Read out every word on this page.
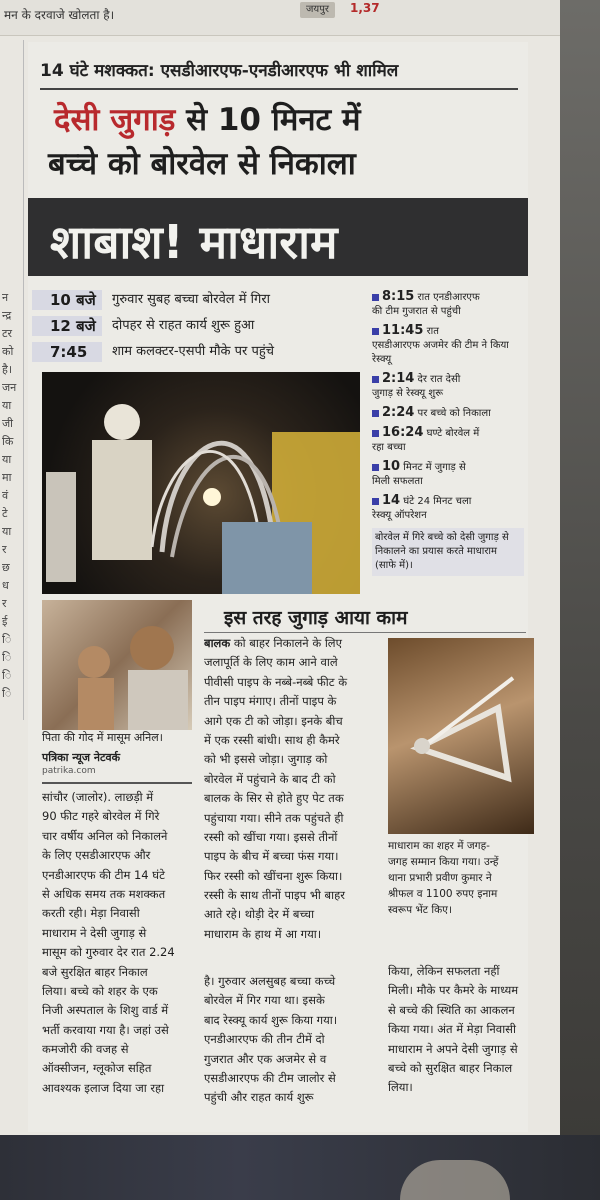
मन के दरवाजे खोलता है।	जयपुर	1,37
न
न्द्र
टर
को
है।
जन
या
जी
कि
या
मा
वं
टे
या
र
छ
ध
र
ई
ि
ि
ि
ि
14 घंटे मशक्कत: एसडीआरएफ-एनडीआरएफ भी शामिल
देसी जुगाड़ से 10 मिनट में
बच्चे को बोरवेल से निकाला
शाबाश! माधाराम
10 बजे	गुरुवार सुबह बच्चा बोरवेल में गिरा
12 बजे	दोपहर से राहत कार्य शुरू हुआ
7:45	शाम कलक्टर-एसपी मौके पर पहुंचे
8:15 रात एनडीआरएफ
की टीम गुजरात से पहुंची
11:45 रात
एसडीआरएफ अजमेर की टीम ने किया रेस्क्यू
2:14 देर रात देसी
जुगाड़ से रेस्क्यू शुरू
2:24 पर बच्चे को निकाला
16:24 घण्टे बोरवेल में
रहा बच्चा
10 मिनट में जुगाड़ से
मिली सफलता
14 घंटे 24 मिनट चला
रेस्क्यू ऑपरेशन
बोरवेल में गिरे बच्चे को देसी जुगाड़ से निकालने का प्रयास करते माधाराम (साफे में)।
पिता की गोद में मासूम अनिल।
इस तरह जुगाड़ आया काम
पत्रिका न्यूज नेटवर्क
patrika.com
सांचौर (जालोर). लाछड़ी में
90 फीट गहरे बोरवेल में गिरे
चार वर्षीय अनिल को निकालने
के लिए एसडीआरएफ और
एनडीआरएफ की टीम 14 घंटे
से अधिक समय तक मशक्कत
करती रही। मेड़ा निवासी
माधाराम ने देसी जुगाड़ से
मासूम को गुरुवार देर रात 2.24
बजे सुरक्षित बाहर निकाल
लिया। बच्चे को शहर के एक
निजी अस्पताल के शिशु वार्ड में
भर्ती करवाया गया है। जहां उसे
कमजोरी की वजह से
ऑक्सीजन, ग्लूकोज सहित
आवश्यक इलाज दिया जा रहा
बालक को बाहर निकालने के लिए
जलापूर्ति के लिए काम आने वाले
पीवीसी पाइप के नब्बे-नब्बे फीट के
तीन पाइप मंगाए। तीनों पाइप के
आगे एक टी को जोड़ा। इनके बीच
में एक रस्सी बांधी। साथ ही कैमरे
को भी इससे जोड़ा। जुगाड़ को
बोरवेल में पहुंचाने के बाद टी को
बालक के सिर से होते हुए पेट तक
पहुंचाया गया। सीने तक पहुंचते ही
रस्सी को खींचा गया। इससे तीनों
पाइप के बीच में बच्चा फंस गया।
फिर रस्सी को खींचना शुरू किया।
रस्सी के साथ तीनों पाइप भी बाहर
आते रहे। थोड़ी देर में बच्चा
माधाराम के हाथ में आ गया।
माधाराम का शहर में जगह-
जगह सम्मान किया गया। उन्हें
थाना प्रभारी प्रवीण कुमार ने
श्रीफल व 1100 रुपए इनाम
स्वरूप भेंट किए।
है। गुरुवार अलसुबह बच्चा कच्चे
बोरवेल में गिर गया था। इसके
बाद रेस्क्यू कार्य शुरू किया गया।
एनडीआरएफ की तीन टीमें दो
गुजरात और एक अजमेर से व
एसडीआरएफ की टीम जालोर से
पहुंची और राहत कार्य शुरू
किया, लेकिन सफलता नहीं
मिली। मौके पर कैमरे के माध्यम
से बच्चे की स्थिति का आकलन
किया गया। अंत में मेड़ा निवासी
माधाराम ने अपने देसी जुगाड़ से
बच्चे को सुरक्षित बाहर निकाल
लिया।
